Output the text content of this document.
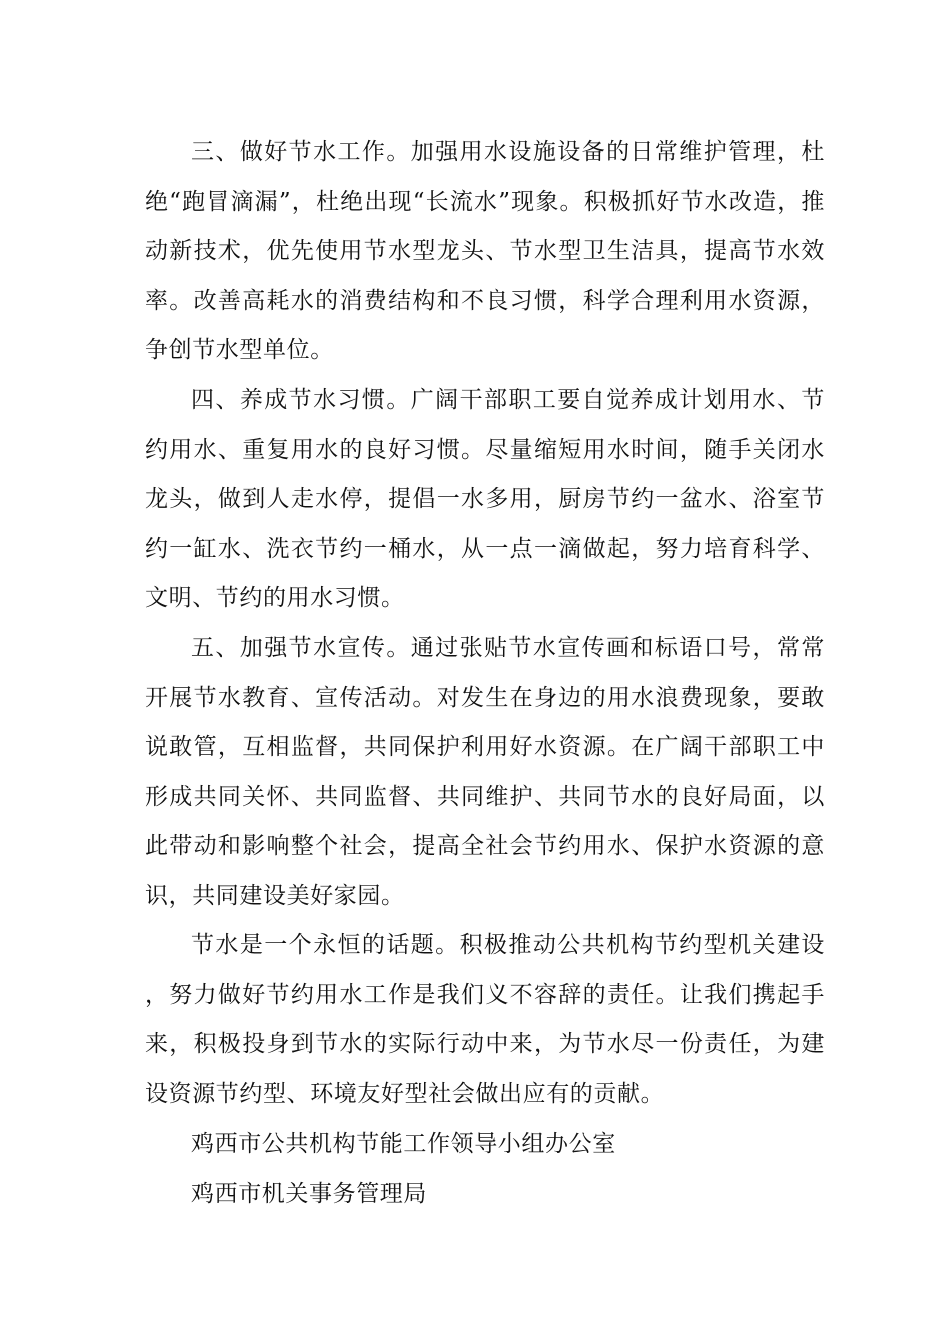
三、做好节水工作。加强用水设施设备的日常维护管理，杜绝“跑冒滴漏”，杜绝出现“长流水”现象。积极抓好节水改造，推动新技术，优先使用节水型龙头、节水型卫生洁具，提高节水效率。改善高耗水的消费结构和不良习惯，科学合理利用水资源，争创节水型单位。

四、养成节水习惯。广阔干部职工要自觉养成计划用水、节约用水、重复用水的良好习惯。尽量缩短用水时间，随手关闭水龙头，做到人走水停，提倡一水多用，厨房节约一盆水、浴室节约一缸水、洗衣节约一桶水，从一点一滴做起，努力培育科学、文明、节约的用水习惯。

五、加强节水宣传。通过张贴节水宣传画和标语口号，常常开展节水教育、宣传活动。对发生在身边的用水浪费现象，要敢说敢管，互相监督，共同保护利用好水资源。在广阔干部职工中形成共同关怀、共同监督、共同维护、共同节水的良好局面，以此带动和影响整个社会，提高全社会节约用水、保护水资源的意识，共同建设美好家园。

节水是一个永恒的话题。积极推动公共机构节约型机关建设，努力做好节约用水工作是我们义不容辞的责任。让我们携起手来，积极投身到节水的实际行动中来，为节水尽一份责任，为建设资源节约型、环境友好型社会做出应有的贡献。

鸡西市公共机构节能工作领导小组办公室

鸡西市机关事务管理局
